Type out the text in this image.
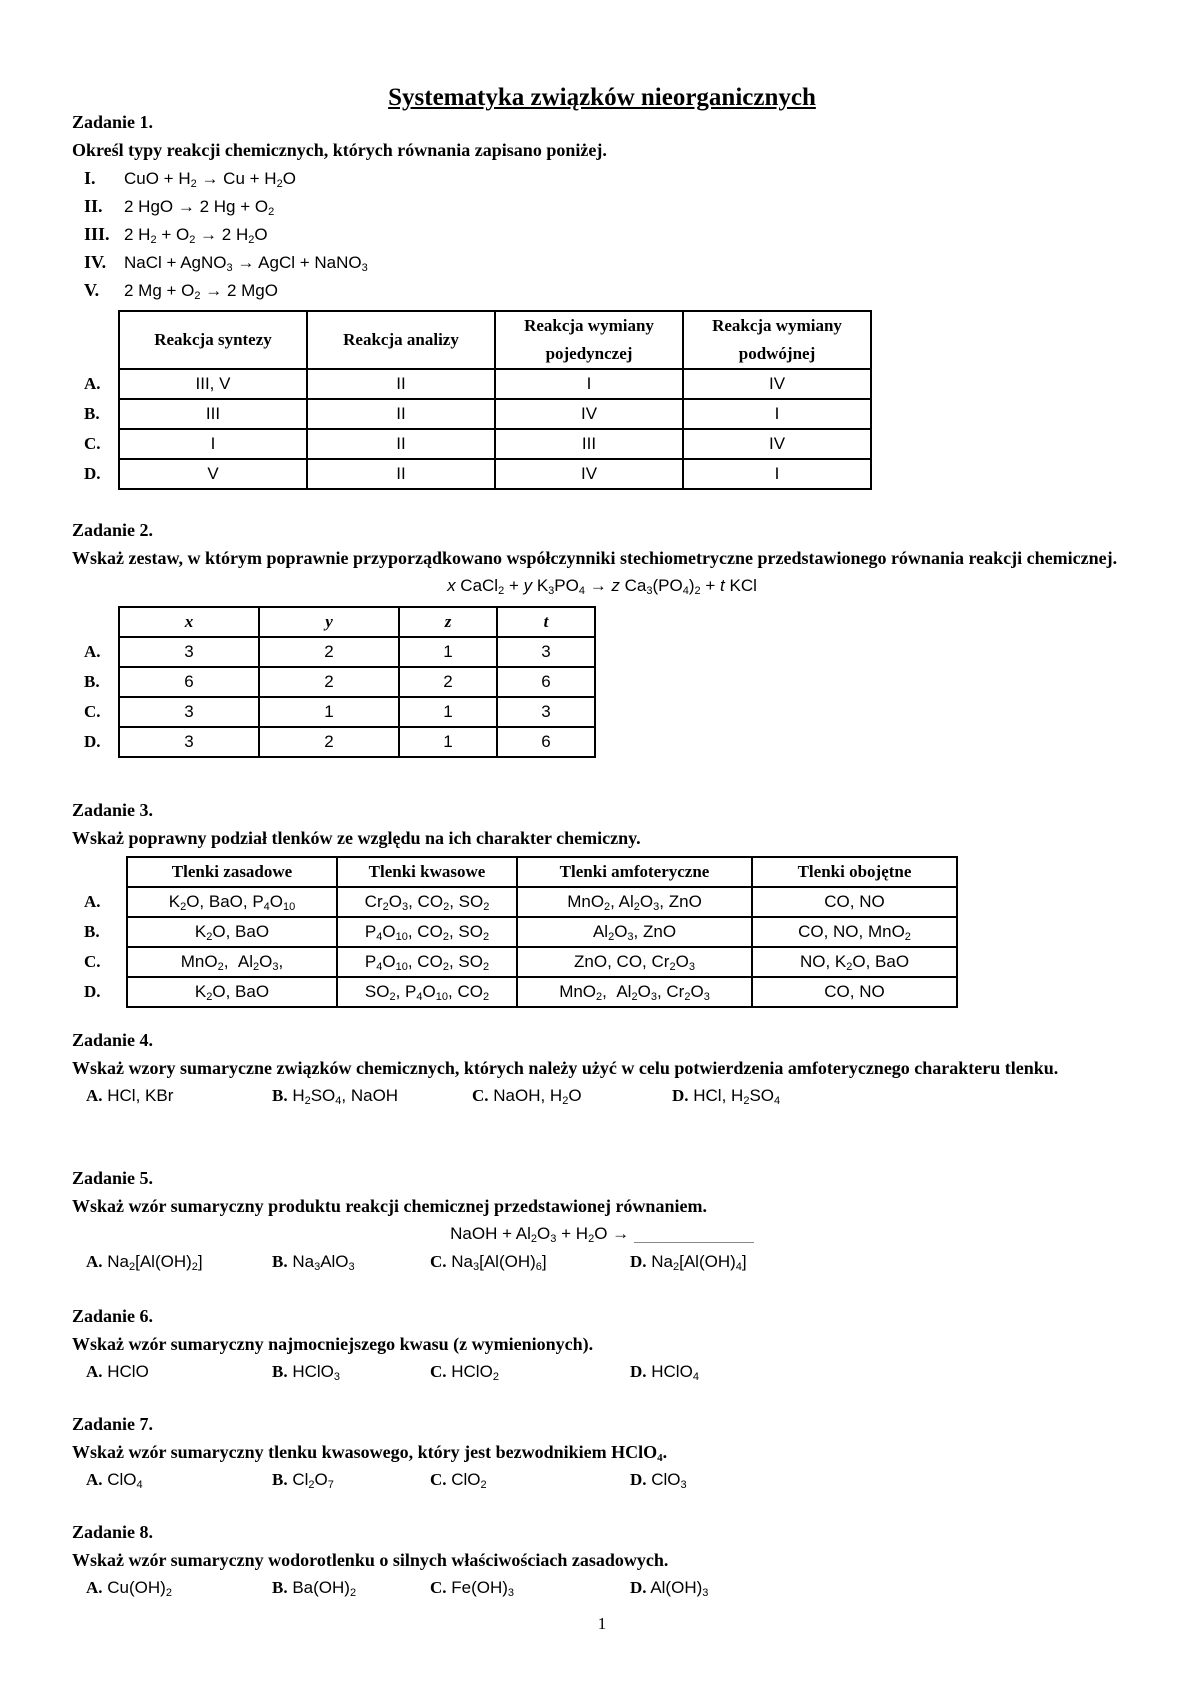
Systematyka związków nieorganicznych
Zadanie 1.
Określ typy reakcji chemicznych, których równania zapisano poniżej.
I. CuO + $H_2 \to Cu + H_2O$
II. 2 HgO → 2 $Hg + O_2$
III. 2 $H_2 + O_2 \to 2$ $H_2O$
IV. NaCl + AgNO$_3$ → AgCl + NaNO$_3$
V. 2 $Mg + O_2 \to 2$ MgO
	Reakcja syntezy	Reakcja analizy	Reakcja wymiany pojedynczej	Reakcja wymiany podwójnej
A.	III, V	II	I	IV
B.	III	II	IV	I
C.	I	II	III	IV
D.	V	II	IV	I
Zadanie 2.
Wskaż zestaw, w którym poprawnie przyporządkowano współczynniki stechiometryczne przedstawionego równania reakcji chemicznej.
x CaCl$_2$ + y $K_3PO_4 \to z$ $Ca_3(PO_4)_2 + t$ KCl
	x	y	z	t
A.	3	2	1	3
B.	6	2	2	6
C.	3	1	1	3
D.	3	2	1	6
Zadanie 3.
Wskaż poprawny podział tlenków ze względu na ich charakter chemiczny.
	Tlenki zasadowe	Tlenki kwasowe	Tlenki amfoteryczne	Tlenki obojętne
A.	$K_2O$, BaO, $P_4O_{10}$	$Cr_2O_3$, $CO_2$, $SO_2$	MnO$_2$, $Al_2O_3$, ZnO	CO, NO
B.	$K_2O$, BaO	$P_4O_{10}$, $CO_2$, $SO_2$	$Al_2O_3$, ZnO	CO, NO, MnO$_2$
C.	MnO$_2$,  $Al_2O_3$,	$P_4O_{10}$, $CO_2$, $SO_2$	ZnO, CO, $Cr_2O_3$	NO, $K_2O$, BaO
D.	$K_2O$, BaO	$SO_2$, $P_4O_{10}$, $CO_2$	MnO$_2$,  $Al_2O_3$, $Cr_2O_3$	CO, NO
Zadanie 4.
Wskaż wzory sumaryczne związków chemicznych, których należy użyć w celu potwierdzenia amfoterycznego charakteru tlenku.
A. HCl, KBr	B. $H_2SO_4$, NaOH	C. NaOH, $H_2O$	D. HCl, $H_2SO_4$
Zadanie 5.
Wskaż wzór sumaryczny produktu reakcji chemicznej przedstawionej równaniem.
NaOH + $Al_2O_3 + H_2O$ →
A. $Na_2[Al(OH)_2]$	B. $Na_3AlO_3$	C. $Na_3[Al(OH)_6]$	D. $Na_2[Al(OH)_4]$
Zadanie 6.
Wskaż wzór sumaryczny najmocniejszego kwasu (z wymienionych).
A. HClO	B. HClO$_3$	C. HClO$_2$	D. HClO$_4$
Zadanie 7.
Wskaż wzór sumaryczny tlenku kwasowego, który jest bezwodnikiem HClO$_4$.
A. ClO$_4$	B. $Cl_2O_7$	C. ClO$_2$	D. ClO$_3$
Zadanie 8.
Wskaż wzór sumaryczny wodorotlenku o silnych właściwościach zasadowych.
A. $Cu(OH)_2$	B. $Ba(OH)_2$	C. $Fe(OH)_3$	D. $Al(OH)_3$
1
